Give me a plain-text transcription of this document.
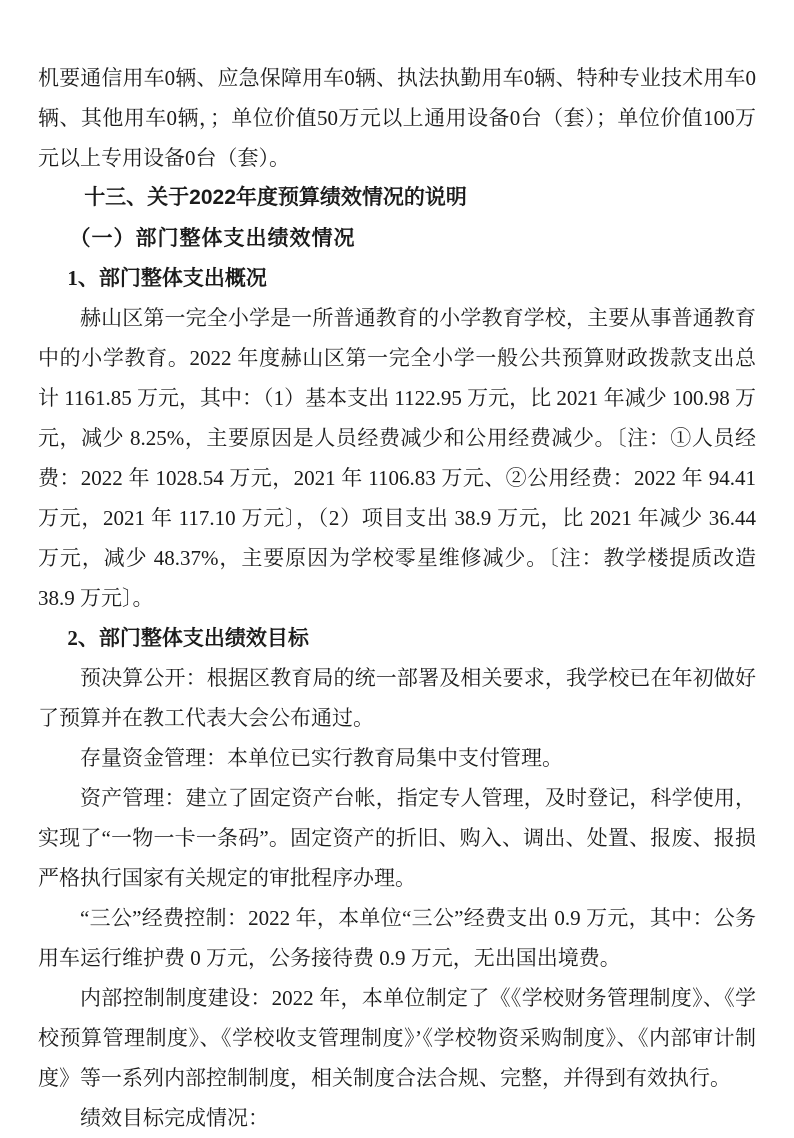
机要通信用车0辆、应急保障用车0辆、执法执勤用车0辆、特种专业技术用车0辆、其他用车0辆，；单位价值50万元以上通用设备0台（套）；单位价值100万元以上专用设备0台（套）。

十三、关于2022年度预算绩效情况的说明
（一）部门整体支出绩效情况
1、部门整体支出概况

赫山区第一完全小学是一所普通教育的小学教育学校，主要从事普通教育中的小学教育。2022 年度赫山区第一完全小学一般公共预算财政拨款支出总计 1161.85 万元，其中：（1）基本支出 1122.95 万元，比 2021 年减少 100.98 万元，减少 8.25%，主要原因是人员经费减少和公用经费减少。〔注：①人员经费：2022 年 1028.54 万元，2021 年 1106.83 万元、②公用经费：2022 年 94.41 万元，2021 年 117.10 万元〕，（2）项目支出 38.9 万元，比 2021 年减少 36.44 万元，减少 48.37%，主要原因为学校零星维修减少。〔注：教学楼提质改造 38.9 万元〕。

2、部门整体支出绩效目标

预决算公开：根据区教育局的统一部署及相关要求，我学校已在年初做好了预算并在教工代表大会公布通过。

存量资金管理：本单位已实行教育局集中支付管理。

资产管理：建立了固定资产台帐，指定专人管理，及时登记，科学使用，实现了“一物一卡一条码”。固定资产的折旧、购入、调出、处置、报废、报损严格执行国家有关规定的审批程序办理。

“三公”经费控制：2022 年，本单位“三公”经费支出 0.9 万元，其中：公务用车运行维护费 0 万元，公务接待费 0.9 万元，无出国出境费。

内部控制制度建设：2022 年，本单位制定了《《学校财务管理制度》、《学校预算管理制度》、《学校收支管理制度》’《学校物资采购制度》、《内部审计制度》等一系列内部控制制度，相关制度合法合规、完整，并得到有效执行。

绩效目标完成情况：
